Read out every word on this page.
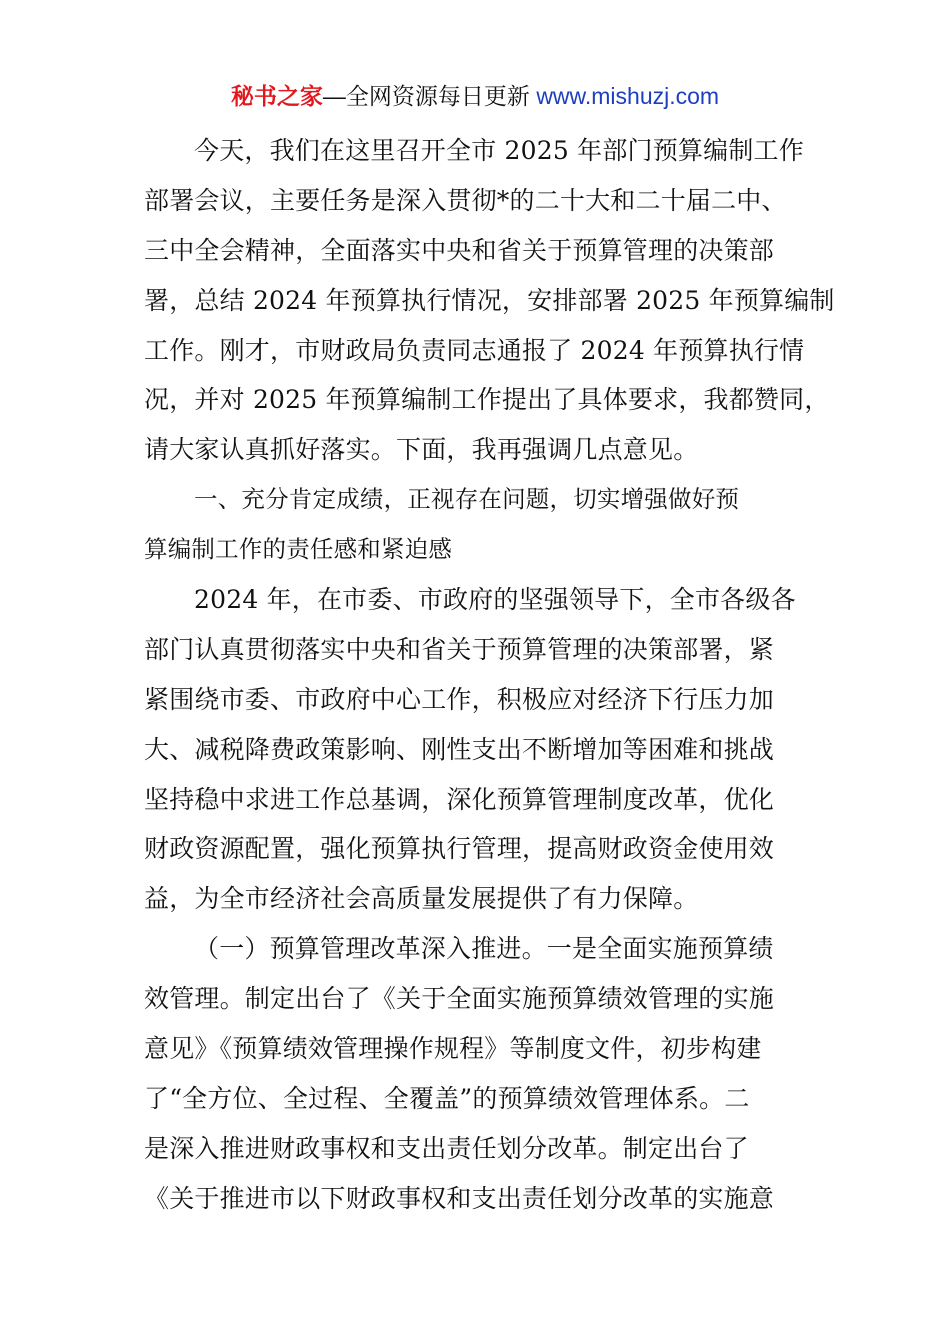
秘书之家—全网资源每日更新 www.mishuzj.com
今天，我们在这里召开全市 2025 年部门预算编制工作
部署会议，主要任务是深入贯彻*的二十大和二十届二中、
三中全会精神，全面落实中央和省关于预算管理的决策部
署，总结 2024 年预算执行情况，安排部署 2025 年预算编制
工作。刚才，市财政局负责同志通报了 2024 年预算执行情
况，并对 2025 年预算编制工作提出了具体要求，我都赞同，
请大家认真抓好落实。下面，我再强调几点意见。
一、充分肯定成绩，正视存在问题，切实增强做好预
算编制工作的责任感和紧迫感
2024 年，在市委、市政府的坚强领导下，全市各级各
部门认真贯彻落实中央和省关于预算管理的决策部署，紧
紧围绕市委、市政府中心工作，积极应对经济下行压力加
大、减税降费政策影响、刚性支出不断增加等困难和挑战
坚持稳中求进工作总基调，深化预算管理制度改革，优化
财政资源配置，强化预算执行管理，提高财政资金使用效
益，为全市经济社会高质量发展提供了有力保障。
（一）预算管理改革深入推进。一是全面实施预算绩
效管理。制定出台了《关于全面实施预算绩效管理的实施
意见》《预算绩效管理操作规程》等制度文件，初步构建
了“全方位、全过程、全覆盖”的预算绩效管理体系。二
是深入推进财政事权和支出责任划分改革。制定出台了
《关于推进市以下财政事权和支出责任划分改革的实施意
